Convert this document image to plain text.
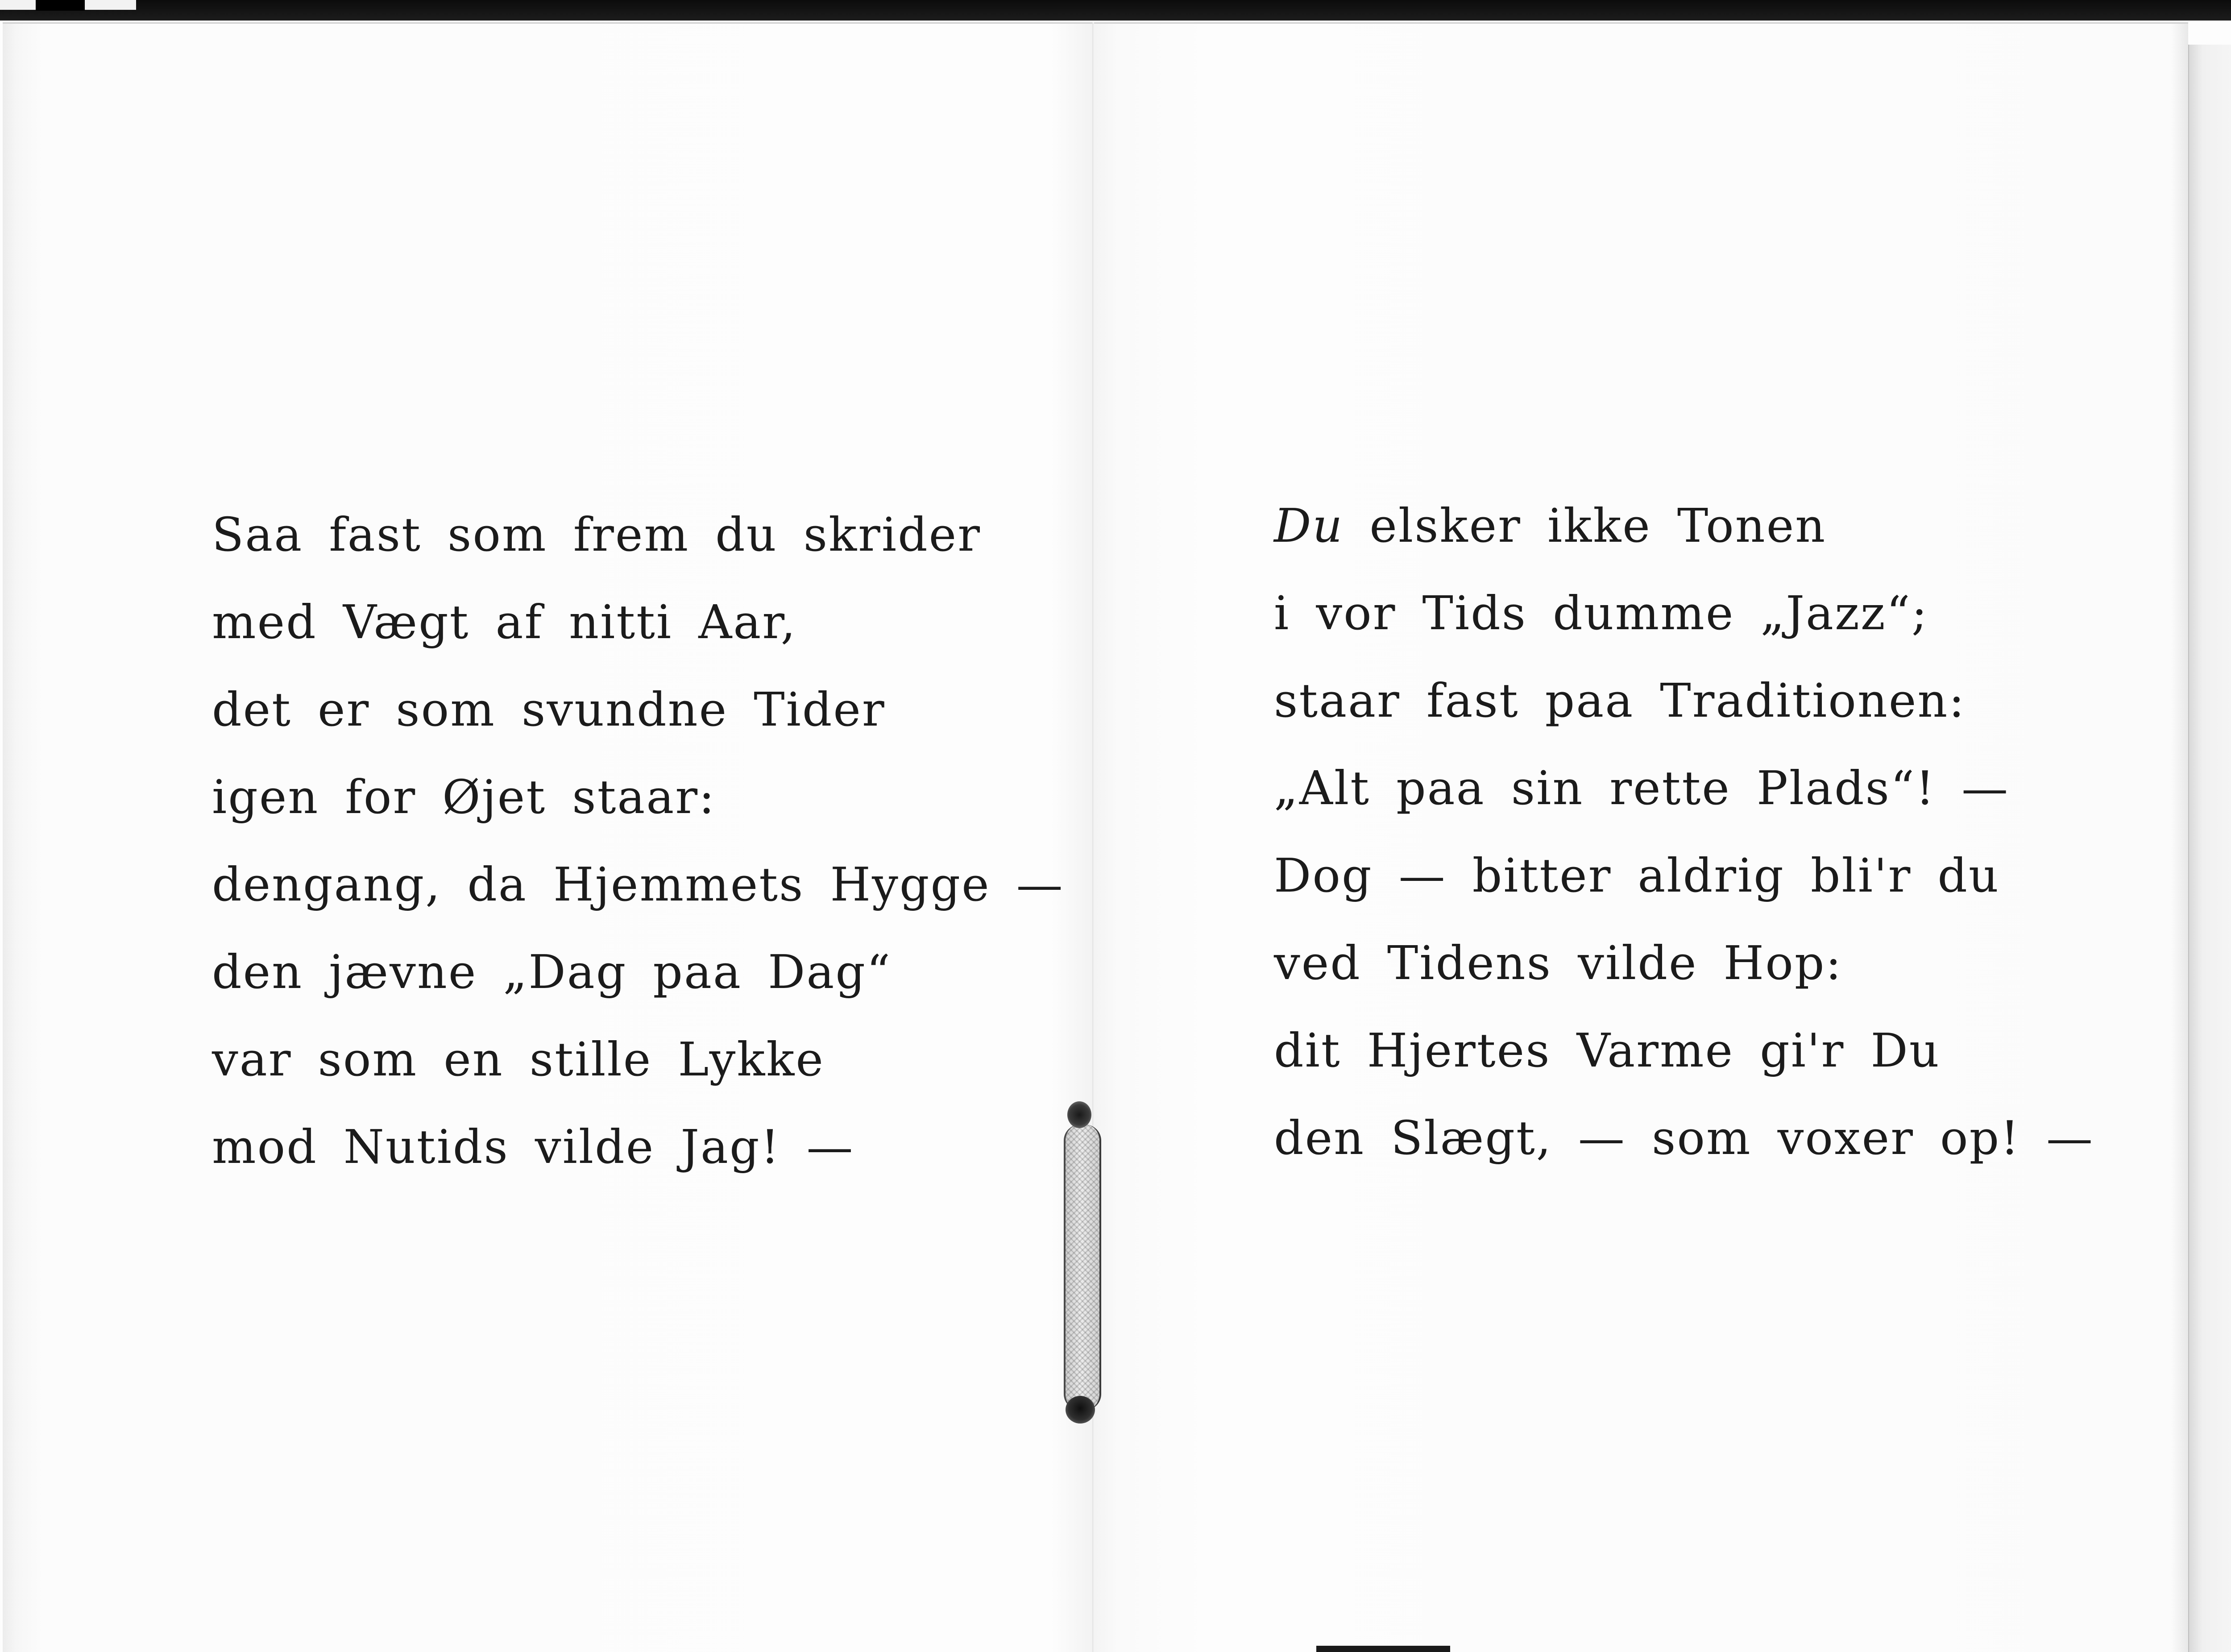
Saa fast som frem du skrider
med Vægt af nitti Aar,
det er som svundne Tider
igen for Øjet staar:
dengang, da Hjemmets Hygge —
den jævne „Dag paa Dag“
var som en stille Lykke
mod Nutids vilde Jag! —
Du elsker ikke Tonen
i vor Tids dumme „Jazz“;
staar fast paa Traditionen:
„Alt paa sin rette Plads“! —
Dog — bitter aldrig bli'r du
ved Tidens vilde Hop:
dit Hjertes Varme gi'r Du
den Slægt, — som voxer op! —
